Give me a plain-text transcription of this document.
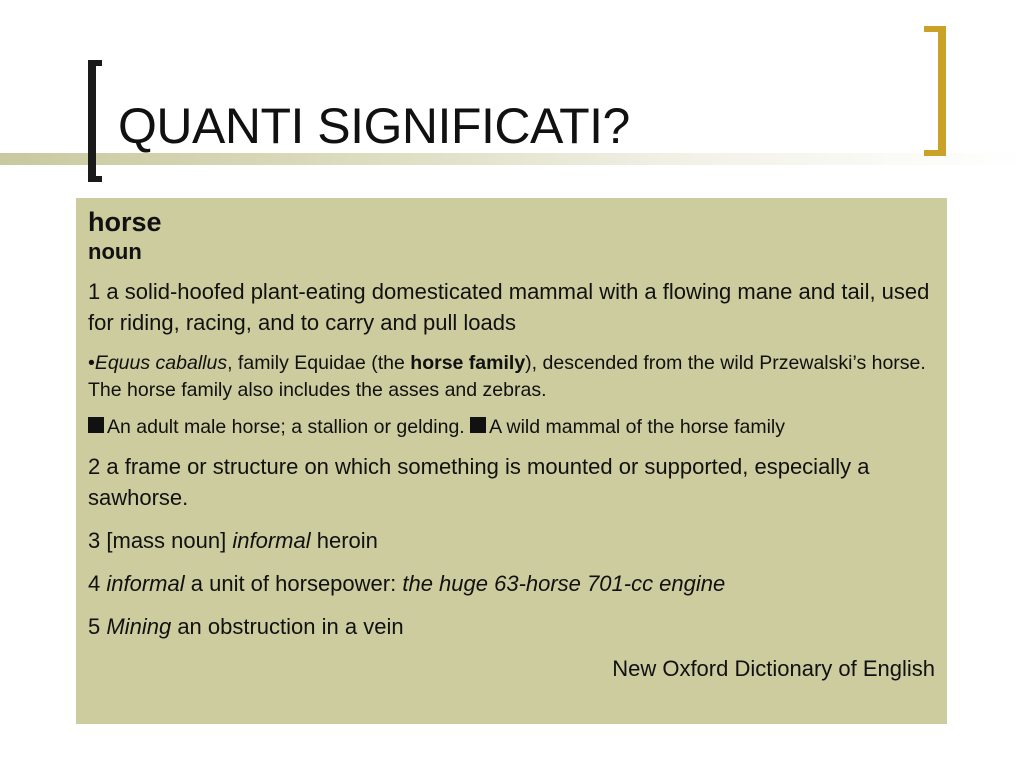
QUANTI SIGNIFICATI?

horse

noun

1 a solid-hoofed plant-eating domesticated mammal with a flowing mane and tail, used for riding, racing, and to carry and pull loads

•Equus caballus, family Equidae (the horse family), descended from the wild Przewalski’s horse. The horse family also includes the asses and zebras.

An adult male horse; a stallion or gelding. A wild mammal of the horse family

2 a frame or structure on which something is mounted or supported, especially a sawhorse.

3 [mass noun] informal heroin

4 informal a unit of horsepower: the huge 63-horse 701-cc engine

5 Mining an obstruction in a vein

New Oxford Dictionary of English
